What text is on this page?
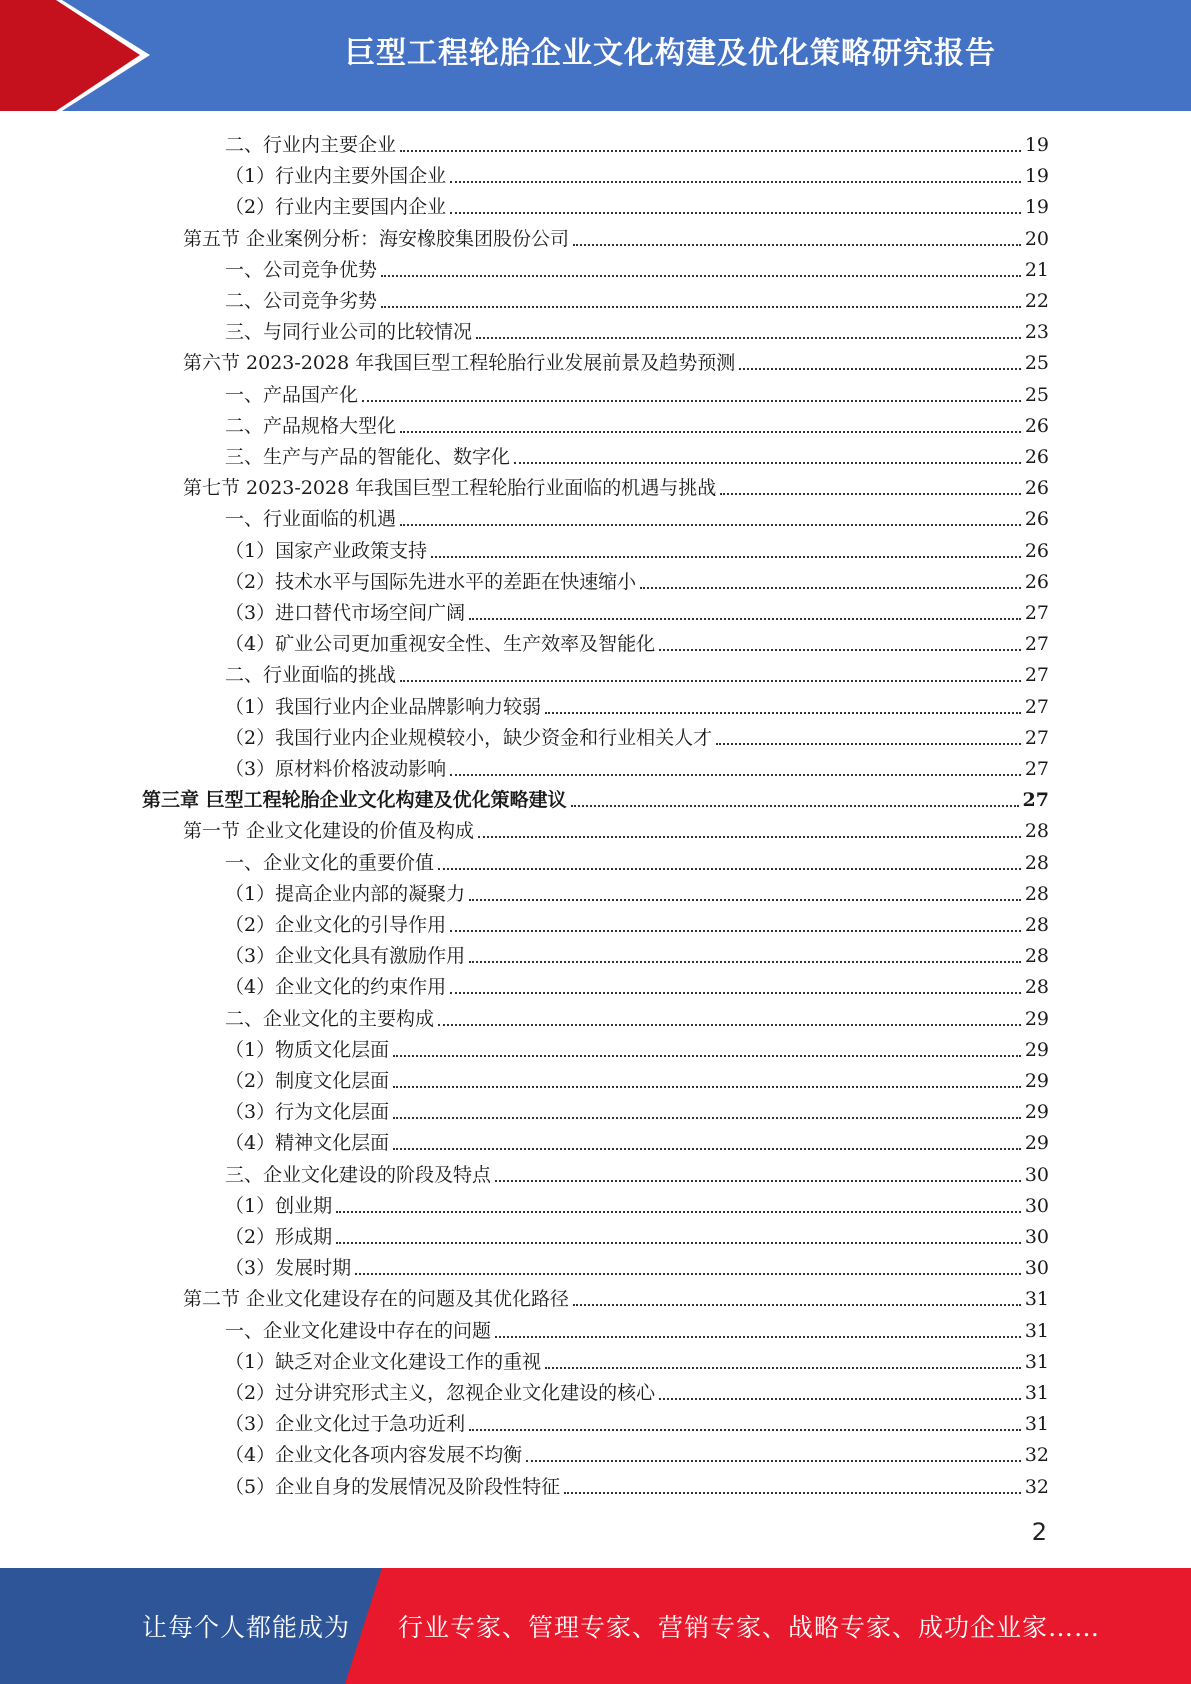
巨型工程轮胎企业文化构建及优化策略研究报告
二、行业内主要企业	19
（1）行业内主要外国企业	19
（2）行业内主要国内企业	19
第五节 企业案例分析：海安橡胶集团股份公司	20
一、公司竞争优势	21
二、公司竞争劣势	22
三、与同行业公司的比较情况	23
第六节 2023-2028 年我国巨型工程轮胎行业发展前景及趋势预测	25
一、产品国产化	25
二、产品规格大型化	26
三、生产与产品的智能化、数字化	26
第七节 2023-2028 年我国巨型工程轮胎行业面临的机遇与挑战	26
一、行业面临的机遇	26
（1）国家产业政策支持	26
（2）技术水平与国际先进水平的差距在快速缩小	26
（3）进口替代市场空间广阔	27
（4）矿业公司更加重视安全性、生产效率及智能化	27
二、行业面临的挑战	27
（1）我国行业内企业品牌影响力较弱	27
（2）我国行业内企业规模较小，缺少资金和行业相关人才	27
（3）原材料价格波动影响	27
第三章 巨型工程轮胎企业文化构建及优化策略建议	27
第一节 企业文化建设的价值及构成	28
一、企业文化的重要价值	28
（1）提高企业内部的凝聚力	28
（2）企业文化的引导作用	28
（3）企业文化具有激励作用	28
（4）企业文化的约束作用	28
二、企业文化的主要构成	29
（1）物质文化层面	29
（2）制度文化层面	29
（3）行为文化层面	29
（4）精神文化层面	29
三、企业文化建设的阶段及特点	30
（1）创业期	30
（2）形成期	30
（3）发展时期	30
第二节 企业文化建设存在的问题及其优化路径	31
一、企业文化建设中存在的问题	31
（1）缺乏对企业文化建设工作的重视	31
（2）过分讲究形式主义，忽视企业文化建设的核心	31
（3）企业文化过于急功近利	31
（4）企业文化各项内容发展不均衡	32
（5）企业自身的发展情况及阶段性特征	32
2
让每个人都能成为 行业专家、管理专家、营销专家、战略专家、成功企业家……
